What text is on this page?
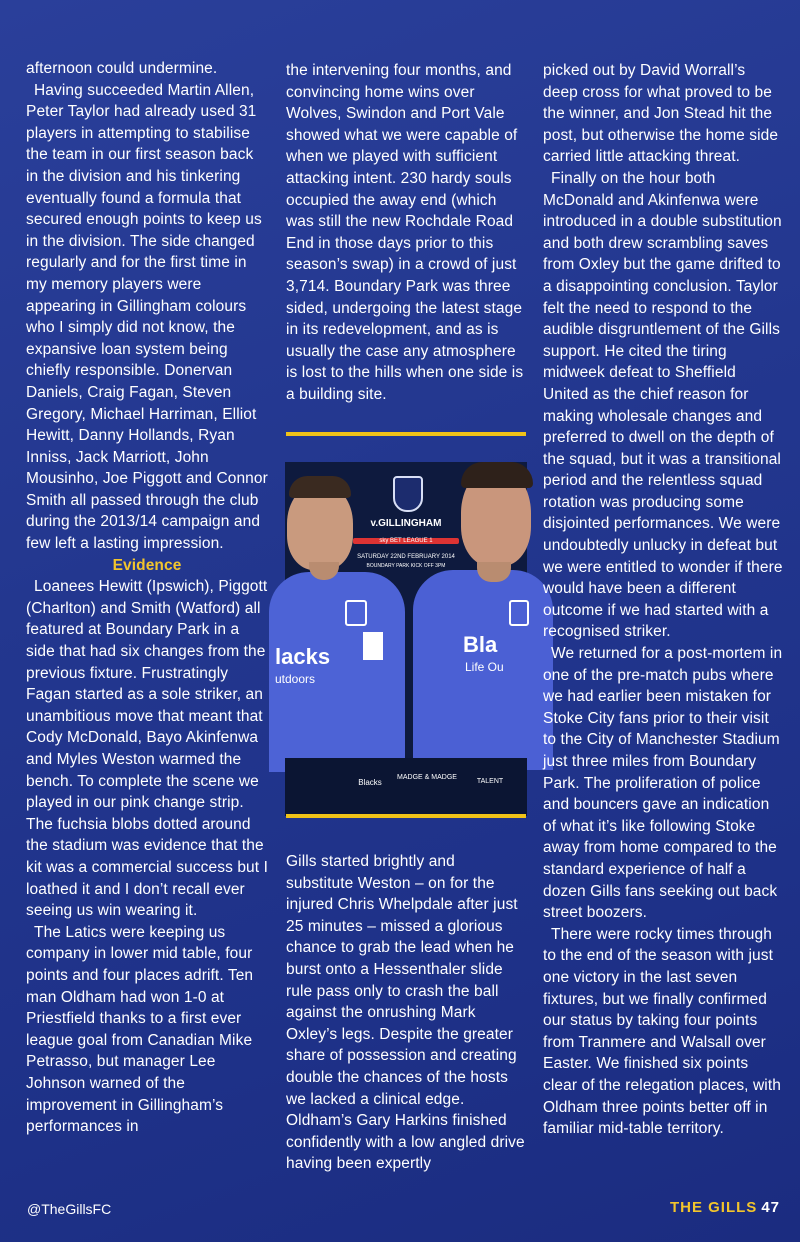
afternoon could undermine.

Having succeeded Martin Allen, Peter Taylor had already used 31 players in attempting to stabilise the team in our first season back in the division and his tinkering eventually found a formula that secured enough points to keep us in the division. The side changed regularly and for the first time in my memory players were appearing in Gillingham colours who I simply did not know, the expansive loan system being chiefly responsible. Donervan Daniels, Craig Fagan, Steven Gregory, Michael Harriman, Elliot Hewitt, Danny Hollands, Ryan Inniss, Jack Marriott, John Mousinho, Joe Piggott and Connor Smith all passed through the club during the 2013/14 campaign and few left a lasting impression.

Evidence

Loanees Hewitt (Ipswich), Piggott (Charlton) and Smith (Watford) all featured at Boundary Park in a side that had six changes from the previous fixture. Frustratingly Fagan started as a sole striker, an unambitious move that meant that Cody McDonald, Bayo Akinfenwa and Myles Weston warmed the bench. To complete the scene we played in our pink change strip. The fuchsia blobs dotted around the stadium was evidence that the kit was a commercial success but I loathed it and I don’t recall ever seeing us win wearing it.

The Latics were keeping us company in lower mid table, four points and four places adrift. Ten man Oldham had won 1-0 at Priestfield thanks to a first ever league goal from Canadian Mike Petrasso, but manager Lee Johnson warned of the improvement in Gillingham’s performances in

the intervening four months, and convincing home wins over Wolves, Swindon and Port Vale showed what we were capable of when we played with sufficient attacking intent. 230 hardy souls occupied the away end (which was still the new Rochdale Road End in those days prior to this season’s swap) in a crowd of just 3,714. Boundary Park was three sided, undergoing the latest stage in its redevelopment, and as is usually the case any atmosphere is lost to the hills when one side is a building site.

lacks
utdoors
Bla
Life Ou
v.GILLINGHAM
sky BET LEAGUE 1
SATURDAY 22ND FEBRUARY 2014
BOUNDARY PARK KICK OFF 3PM
Blacks
MADGE & MADGE
TALENT

Gills started brightly and substitute Weston – on for the injured Chris Whelpdale after just 25 minutes – missed a glorious chance to grab the lead when he burst onto a Hessenthaler slide rule pass only to crash the ball against the onrushing Mark Oxley’s legs. Despite the greater share of possession and creating double the chances of the hosts we lacked a clinical edge. Oldham’s Gary Harkins finished confidently with a low angled drive having been expertly

picked out by David Worrall’s deep cross for what proved to be the winner, and Jon Stead hit the post, but otherwise the home side carried little attacking threat.

Finally on the hour both McDonald and Akinfenwa were introduced in a double substitution and both drew scrambling saves from Oxley but the game drifted to a disappointing conclusion. Taylor felt the need to respond to the audible disgruntlement of the Gills support. He cited the tiring midweek defeat to Sheffield United as the chief reason for making wholesale changes and preferred to dwell on the depth of the squad, but it was a transitional period and the relentless squad rotation was producing some disjointed performances. We were undoubtedly unlucky in defeat but we were entitled to wonder if there would have been a different outcome if we had started with a recognised striker.

We returned for a post-mortem in one of the pre-match pubs where we had earlier been mistaken for Stoke City fans prior to their visit to the City of Manchester Stadium just three miles from Boundary Park. The proliferation of police and bouncers gave an indication of what it’s like following Stoke away from home compared to the standard experience of half a dozen Gills fans seeking out back street boozers.

There were rocky times through to the end of the season with just one victory in the last seven fixtures, but we finally confirmed our status by taking four points from Tranmere and Walsall over Easter. We finished six points clear of the relegation places, with Oldham three points better off in familiar mid-table territory.

@TheGillsFC	THE GILLS 47
